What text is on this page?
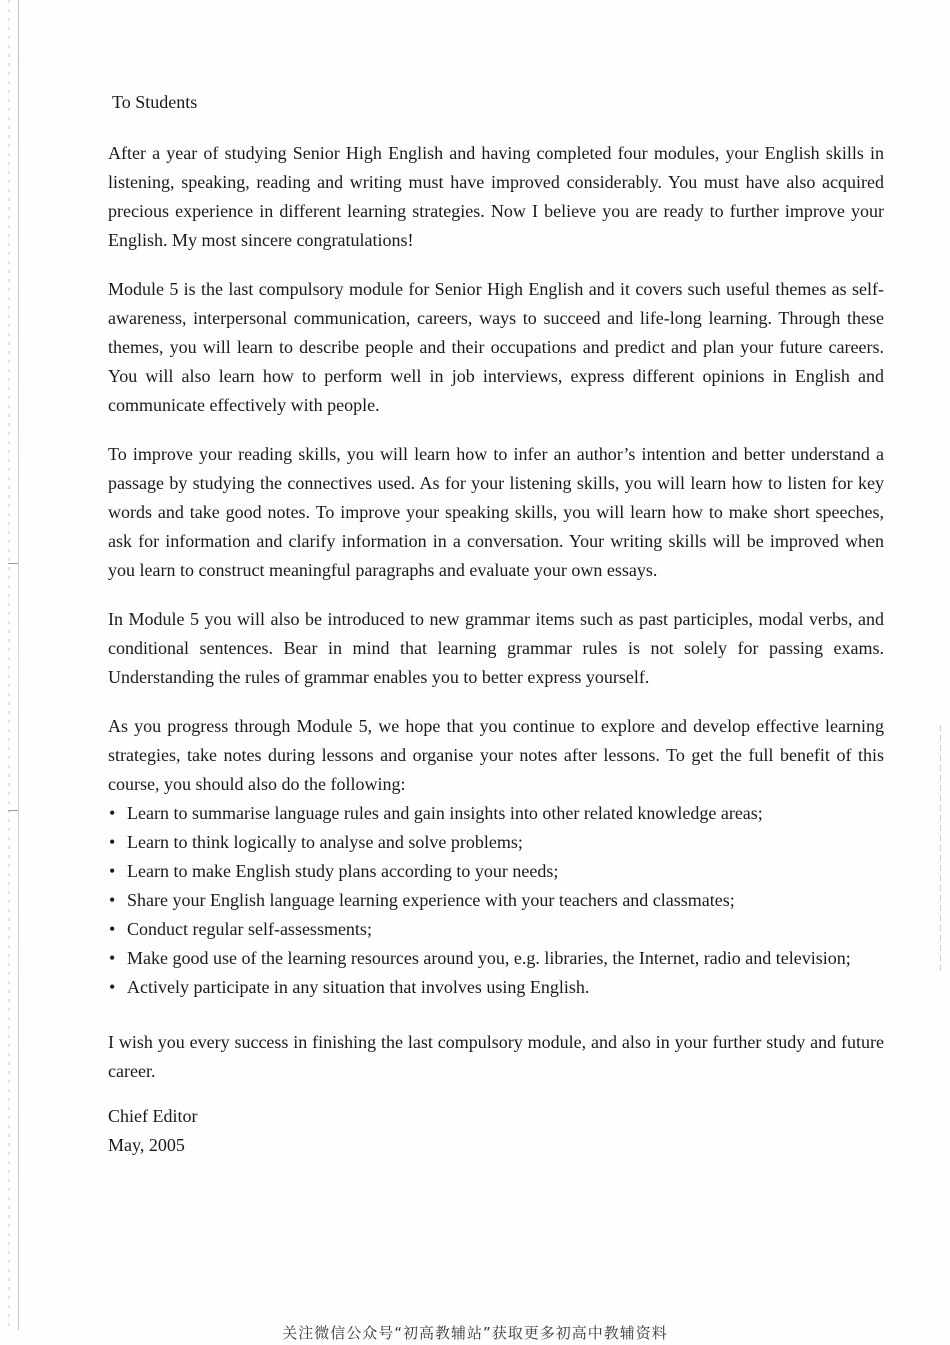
To Students

After a year of studying Senior High English and having completed four modules, your English skills in listening, speaking, reading and writing must have improved considerably. You must have also acquired precious experience in different learning strategies. Now I believe you are ready to further improve your English. My most sincere congratulations!

Module 5 is the last compulsory module for Senior High English and it covers such useful themes as self-awareness, interpersonal communication, careers, ways to succeed and life-long learning. Through these themes, you will learn to describe people and their occupations and predict and plan your future careers. You will also learn how to perform well in job interviews, express different opinions in English and communicate effectively with people.

To improve your reading skills, you will learn how to infer an author’s intention and better understand a passage by studying the connectives used. As for your listening skills, you will learn how to listen for key words and take good notes. To improve your speaking skills, you will learn how to make short speeches, ask for information and clarify information in a conversation. Your writing skills will be improved when you learn to construct meaningful paragraphs and evaluate your own essays.

In Module 5 you will also be introduced to new grammar items such as past participles, modal verbs, and conditional sentences. Bear in mind that learning grammar rules is not solely for passing exams. Understanding the rules of grammar enables you to better express yourself.

As you progress through Module 5, we hope that you continue to explore and develop effective learning strategies, take notes during lessons and organise your notes after lessons. To get the full benefit of this course, you should also do the following:

• Learn to summarise language rules and gain insights into other related knowledge areas;
• Learn to think logically to analyse and solve problems;
• Learn to make English study plans according to your needs;
• Share your English language learning experience with your teachers and classmates;
• Conduct regular self-assessments;
• Make good use of the learning resources around you, e.g. libraries, the Internet, radio and television;
• Actively participate in any situation that involves using English.

I wish you every success in finishing the last compulsory module, and also in your further study and future career.

Chief Editor
May, 2005
关注微信公众号“初高教辅站”获取更多初高中教辅资料
